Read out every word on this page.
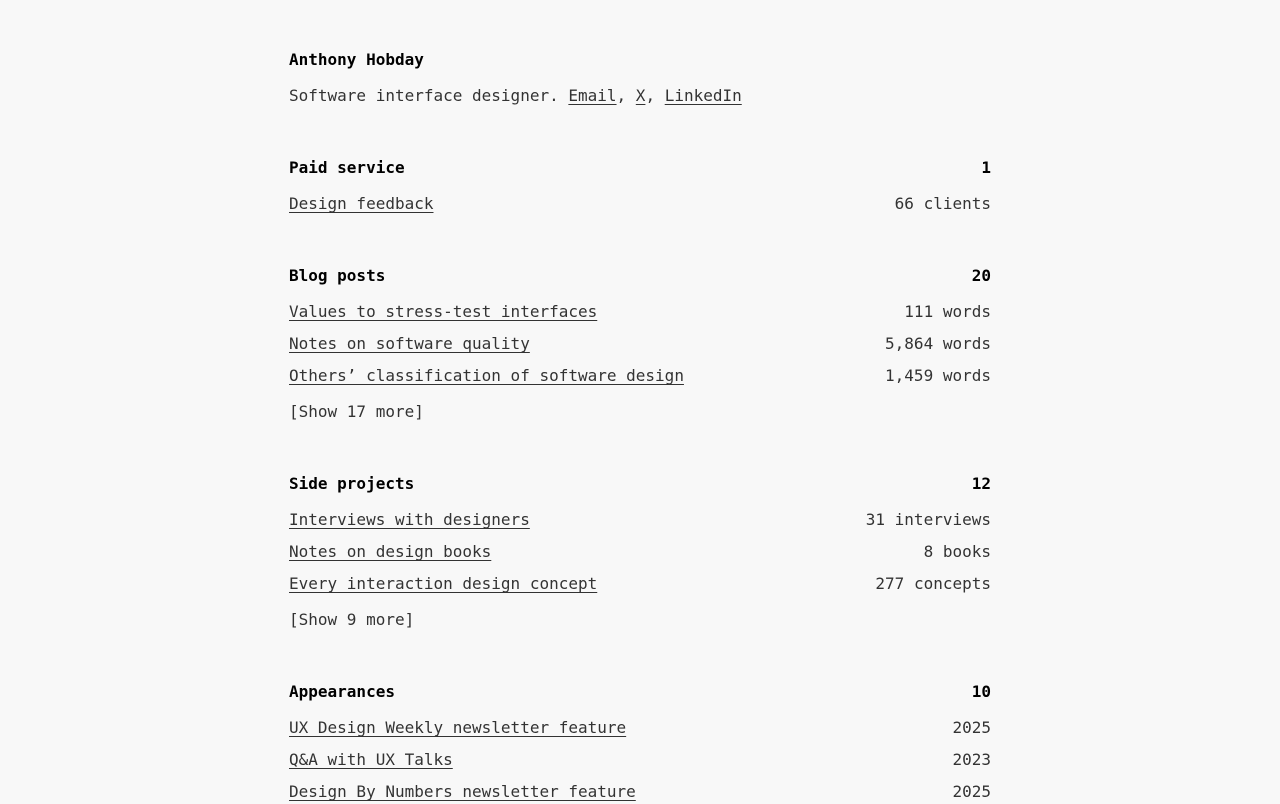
Anthony Hobday
Software interface designer. Email, X, LinkedIn
Paid service	1
Design feedback	66 clients
Blog posts	20
Values to stress-test interfaces	111 words
Notes on software quality	5,864 words
Others’ classification of software design	1,459 words
[Show 17 more]
Side projects	12
Interviews with designers	31 interviews
Notes on design books	8 books
Every interaction design concept	277 concepts
[Show 9 more]
Appearances	10
UX Design Weekly newsletter feature	2025
Q&A with UX Talks	2023
Design By Numbers newsletter feature	2025
